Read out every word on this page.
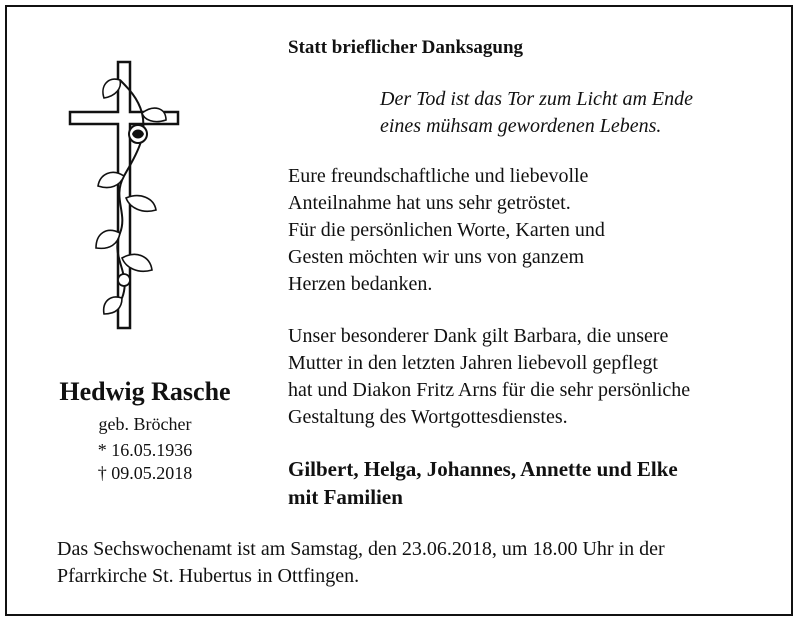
Hedwig Rasche
geb. Bröcher
* 16.05.1936
† 09.05.2018
Statt brieflicher Danksagung
Der Tod ist das Tor zum Licht am Ende
eines mühsam gewordenen Lebens.
Eure freundschaftliche und liebevolle
Anteilnahme hat uns sehr getröstet.
Für die persönlichen Worte, Karten und
Gesten möchten wir uns von ganzem
Herzen bedanken.
Unser besonderer Dank gilt Barbara, die unsere
Mutter in den letzten Jahren liebevoll gepflegt
hat und Diakon Fritz Arns für die sehr persönliche
Gestaltung des Wortgottesdienstes.
Gilbert, Helga, Johannes, Annette und Elke
mit Familien
Das Sechswochenamt ist am Samstag, den 23.06.2018, um 18.00 Uhr in der
Pfarrkirche St. Hubertus in Ottfingen.
